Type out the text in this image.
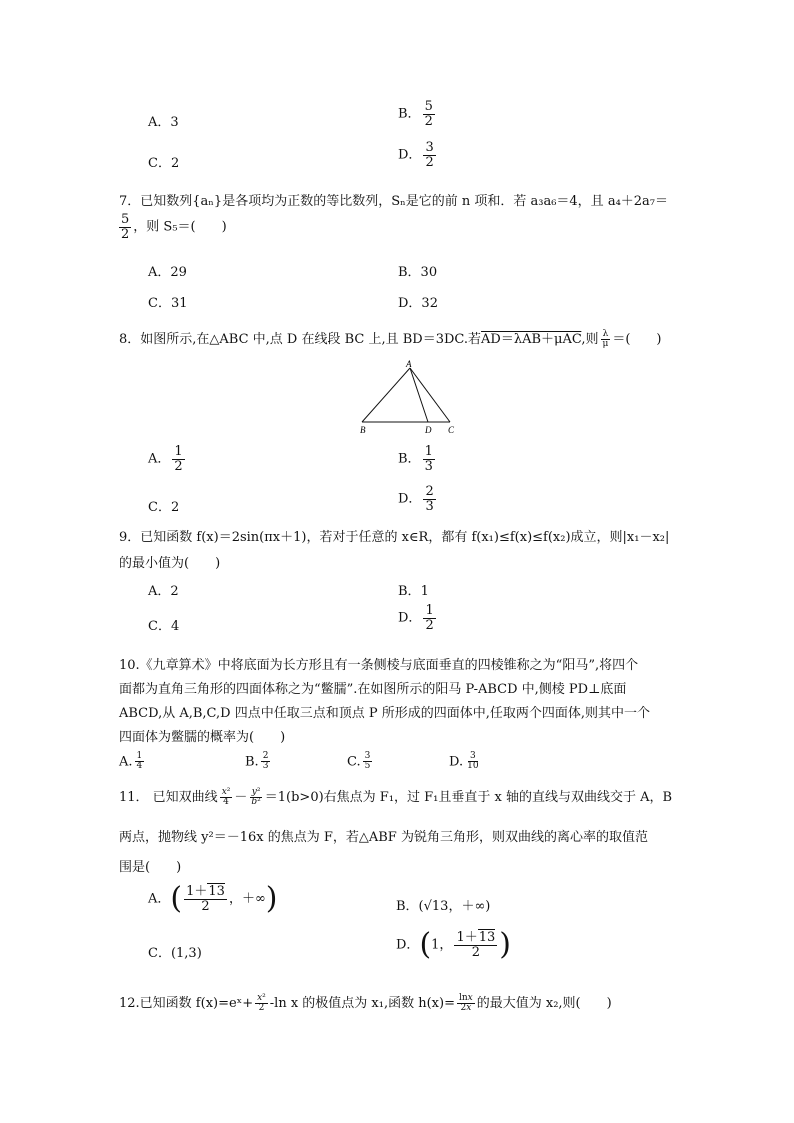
A．3
B． $\frac{5}{2}$
C．2
D． $\frac{3}{2}$
7．已知数列{aₙ}是各项均为正数的等比数列，Sₙ是它的前 n 项和．若 a₃a₆＝4，且 a₄＋2a₇＝
$\frac{5}{2}$ ，则 S₅＝(　　)
A．29	B．30
C．31	D．32
8．如图所示,在△ABC 中,点 D 在线段 BC 上,且 BD＝3DC.若AD＝λAB＋μAC,则 $\frac{\lambda}{\mu}$ ＝(　　)
A
B	D C
A． $\frac{1}{2}$	B． $\frac{1}{3}$
C．2
D． $\frac{2}{3}$
9．已知函数 f(x)＝2sin(πx＋1)，若对于任意的 x∈R，都有 f(x₁)≤f(x)≤f(x₂)成立，则|x₁－x₂|
的最小值为(　　)
A．2	B．1
C．4
D． $\frac{1}{2}$
10.《九章算术》中将底面为长方形且有一条侧棱与底面垂直的四棱锥称之为“阳马”,将四个
面都为直角三角形的四面体称之为“鳖臑”.在如图所示的阳马 P-ABCD 中,侧棱 PD⊥底面
ABCD,从 A,B,C,D 四点中任取三点和顶点 P 所形成的四面体中,任取两个四面体,则其中一个
四面体为鳖臑的概率为(　　)
A. $\frac{1}{4}$	B. $\frac{2}{3}$	C. $\frac{3}{5}$	D. $\frac{3}{10}$
11． 已知双曲线 $\frac{\text{x²}}{4} - \frac{\text{y²}}{\text{b²}} =1(b>0)$右焦点为 F₁，过 F₁且垂直于 x 轴的直线与双曲线交于 A，B
两点，抛物线 y²＝－16x 的焦点为 F，若△ABF 为锐角三角形，则双曲线的离心率的取值范
围是(　　)
A．( $\frac{1+13}{2}$ ，＋∞)	B．(√13，＋∞)
C．(1,3)
D．(1， $\frac{1+13}{2}$ )
12.已知函数 f(x)=eˣ+ $\frac{\text{x²}}{2} -\ln$ x 的极值点为 x₁,函数 $h(x)= \frac{\ln x}{2x}$ 的最大值为 x₂,则(　　)
